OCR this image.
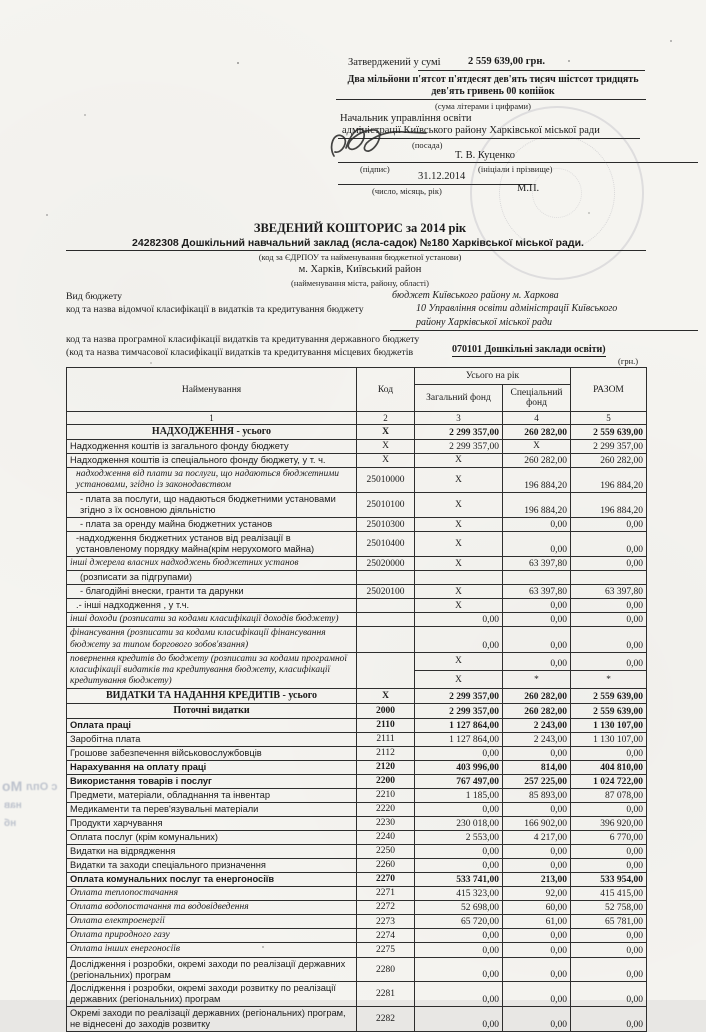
Затверджений у сумі	2 559 639,00 грн.
Два мільйони п'ятсот п'ятдесят дев'ять тисяч шістсот тридцять
дев'ять гривень 00 копійок
(сума літерами і цифрами)
Начальник управління освіти
адміністрації Київського району Харківської міської ради
(посада)
Т. В. Куценко
(підпис)	(ініціали і прізвище)
31.12.2014
(число, місяць, рік)	М.П.
ЗВЕДЕНИЙ КОШТОРИС за 2014 рік
24282308 Дошкільний навчальний заклад (ясла-садок) №180 Харківської міської ради.
(код за ЄДРПОУ та найменування бюджетної установи)
м. Харків, Київський район
(найменування міста, району, області)
Вид бюджету	бюджет Київського району м. Харкова
код та назва відомчої класифікації в видатків та кредитування бюджету	10 Управління освіти адміністрації Київського
району Харківської міської ради
код та назва програмної класифікації видатків та кредитування державного бюджету
(код та назва тимчасової класифікації видатків та кредитування місцевих бюджетів	070101 Дошкільні заклади освіти)
(грн.)
Найменування	Код	Усього на рік		РАЗОМ
		Загальний фонд	Спеціальний фонд	
1	2	3	4	5
НАДХОДЖЕННЯ - усього	Х	2 299 357,00	260 282,00	2 559 639,00
Надходження коштів із загального фонду бюджету	Х	2 299 357,00	Х	2 299 357,00
Надходження коштів із спеціального фонду бюджету, у т. ч.	Х	Х	260 282,00	260 282,00
надходження від плати за послуги, що надаються бюджетними установами, згідно із законодавством	25010000	Х	196 884,20	196 884,20
- плата за послуги, що надаються бюджетними установами згідно з їх основною діяльністю	25010100	Х	196 884,20	196 884,20
- плата за оренду майна бюджетних установ	25010300	Х	0,00	0,00
-надходження бюджетних установ від реалізації в установленому порядку майна(крім нерухомого майна)	25010400	Х	0,00	0,00
інші джерела власних надходжень бюджетних установ	25020000	Х	63 397,80	0,00
(розписати за підгрупами)				
- благодійні внески, гранти та дарунки	25020100	Х	63 397,80	63 397,80
.- інші надходження , у т.ч.		Х	0,00	0,00
інші доходи (розписати за кодами класифікації доходів бюджету)		0,00	0,00	0,00
фінансування (розписати за кодами класифікації фінансування бюджету за типом боргового зобов'язання)		0,00	0,00	0,00
повернення кредитів до бюджету (розписати за кодами програмної класифікації видатків та кредитування бюджету, класифікації кредитування бюджету)		Х	0,00	0,00
		Х	*	*
ВИДАТКИ ТА НАДАННЯ КРЕДИТІВ - усього	Х	2 299 357,00	260 282,00	2 559 639,00
Поточні видатки	2000	2 299 357,00	260 282,00	2 559 639,00
Оплата праці	2110	1 127 864,00	2 243,00	1 130 107,00
Заробітна плата	2111	1 127 864,00	2 243,00	1 130 107,00
Грошове забезпечення військовослужбовців	2112	0,00	0,00	0,00
Нарахування на оплату праці	2120	403 996,00	814,00	404 810,00
Використання товарів і послуг	2200	767 497,00	257 225,00	1 024 722,00
Предмети, матеріали, обладнання та інвентар	2210	1 185,00	85 893,00	87 078,00
Медикаменти та перев'язувальні матеріали	2220	0,00	0,00	0,00
Продукти харчування	2230	230 018,00	166 902,00	396 920,00
Оплата послуг (крім комунальних)	2240	2 553,00	4 217,00	6 770,00
Видатки на відрядження	2250	0,00	0,00	0,00
Видатки та заходи спеціального призначення	2260	0,00	0,00	0,00
Оплата комунальних послуг та енергоносіїв	2270	533 741,00	213,00	533 954,00
Оплата теплопостачання	2271	415 323,00	92,00	415 415,00
Оплата водопостачання та водовідведення	2272	52 698,00	60,00	52 758,00
Оплата електроенергії	2273	65 720,00	61,00	65 781,00
Оплата природного газу	2274	0,00	0,00	0,00
Оплата інших енергоносіїв	2275	0,00	0,00	0,00
Дослідження і розробки, окремі заходи по реалізації державних (регіональних) програм	2280	0,00	0,00	0,00
Дослідження і розробки, окремі заходи розвитку по реалізації державних (регіональних) програм	2281	0,00	0,00	0,00
Окремі заходи по реалізації державних (регіональних) програм, не віднесені до заходів розвитку	2282	0,00	0,00	0,00
Мо с Опл
нав
нб
